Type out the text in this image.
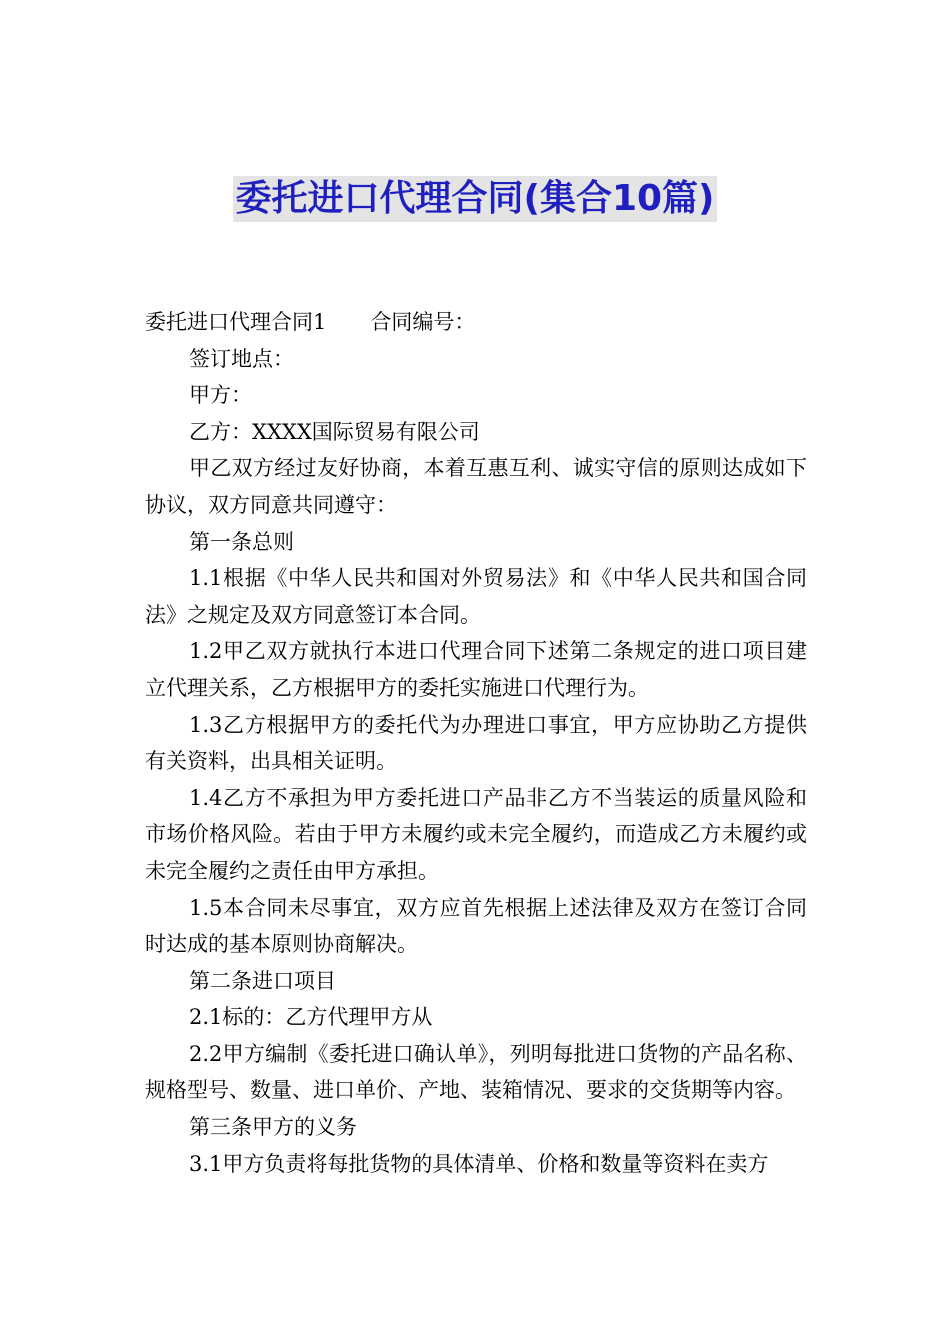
委托进口代理合同(集合10篇)

委托进口代理合同1 合同编号：

签订地点：

甲方：

乙方：XXXX国际贸易有限公司

甲乙双方经过友好协商，本着互惠互利、诚实守信的原则达成如下协议，双方同意共同遵守：

第一条总则

1.1根据《中华人民共和国对外贸易法》和《中华人民共和国合同法》之规定及双方同意签订本合同。

1.2甲乙双方就执行本进口代理合同下述第二条规定的进口项目建立代理关系，乙方根据甲方的委托实施进口代理行为。

1.3乙方根据甲方的委托代为办理进口事宜，甲方应协助乙方提供有关资料，出具相关证明。

1.4乙方不承担为甲方委托进口产品非乙方不当装运的质量风险和市场价格风险。若由于甲方未履约或未完全履约，而造成乙方未履约或未完全履约之责任由甲方承担。

1.5本合同未尽事宜，双方应首先根据上述法律及双方在签订合同时达成的基本原则协商解决。

第二条进口项目

2.1标的：乙方代理甲方从

2.2甲方编制《委托进口确认单》，列明每批进口货物的产品名称、规格型号、数量、进口单价、产地、装箱情况、要求的交货期等内容。

第三条甲方的义务

3.1甲方负责将每批货物的具体清单、价格和数量等资料在卖方
